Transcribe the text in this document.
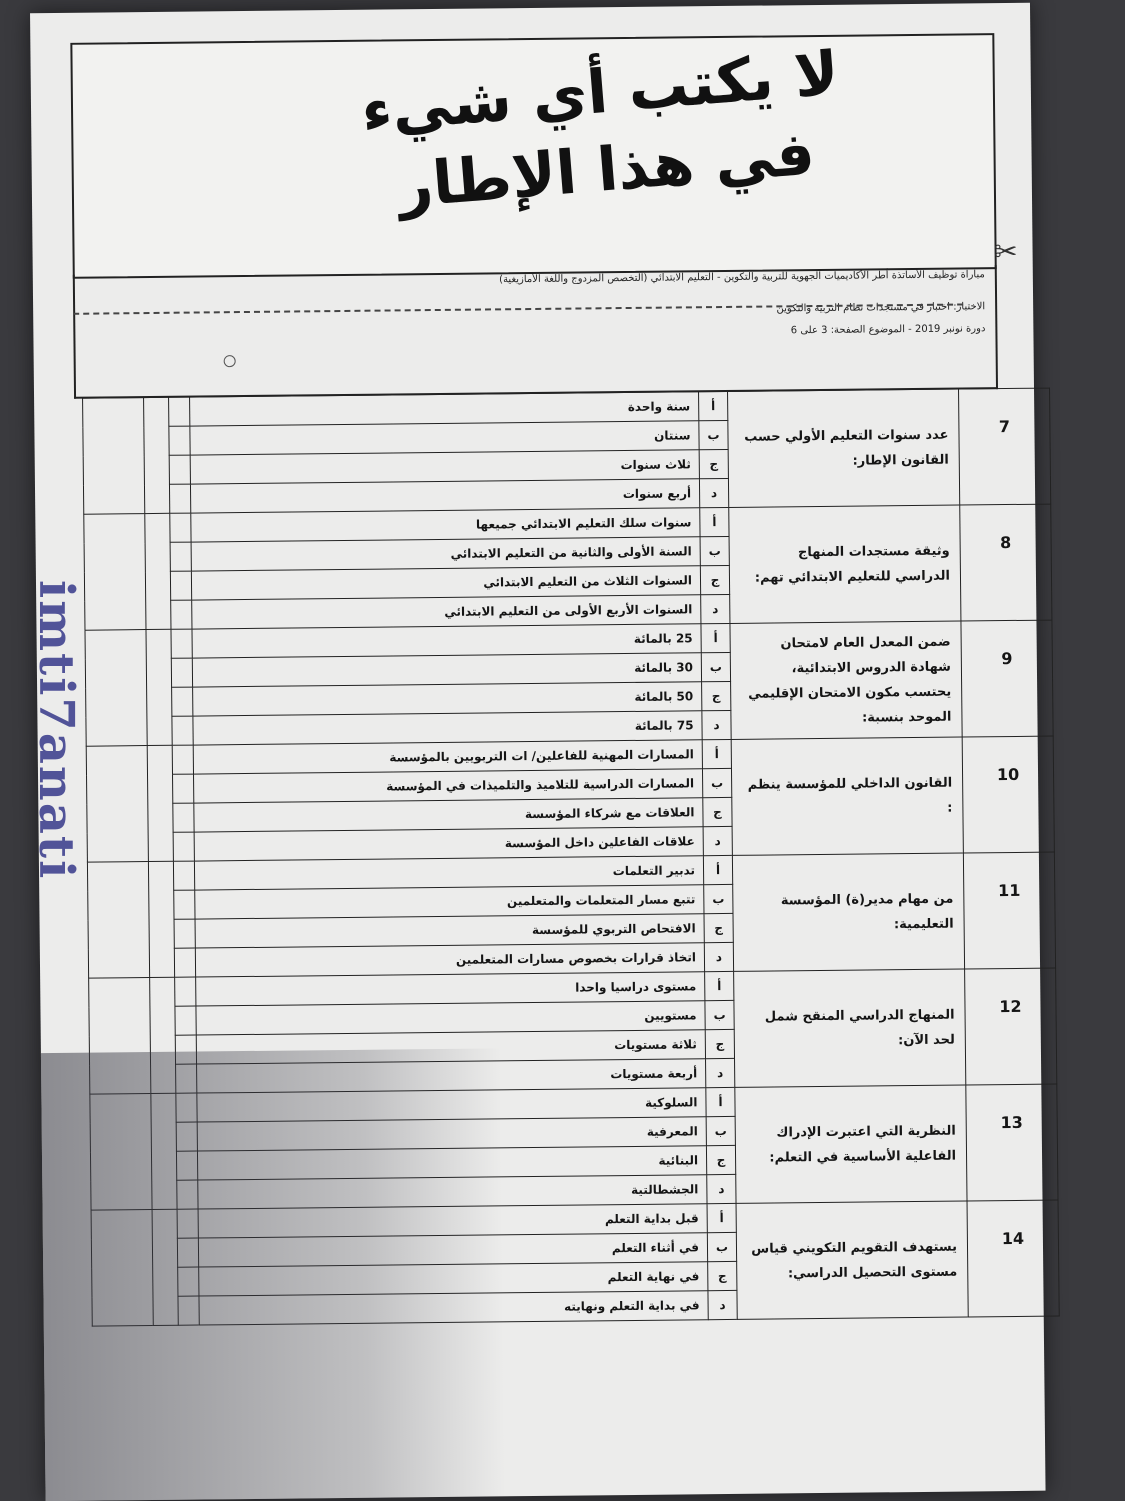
لا يكتب أي شيء
في هذا الإطار
✂
مباراة توظيف الأساتذة أطر الأكاديميات الجهوية للتربية والتكوين - التعليم الابتدائي (التخصص المزدوج واللغة الأمازيغية)
الاختبار: اختبار في مستجدات نظام التربية والتكوين
دورة نونبر 2019 - الموضوع الصفحة: 3 على 6
7	عدد سنوات التعليم الأولي حسب القانون الإطار:	أ	سنة واحدة			
		ب	سنتان			
		ج	ثلاث سنوات			
		د	أربع سنوات			

8	وثيقة مستجدات المنهاج الدراسي للتعليم الابتدائي تهم:	أ	سنوات سلك التعليم الابتدائي جميعها			
		ب	السنة الأولى والثانية من التعليم الابتدائي			
		ج	السنوات الثلاث من التعليم الابتدائي			
		د	السنوات الأربع الأولى من التعليم الابتدائي			

9	ضمن المعدل العام لامتحان شهادة الدروس الابتدائية، يحتسب مكون الامتحان الإقليمي الموحد بنسبة:	أ	25 بالمائة			
		ب	30 بالمائة			
		ج	50 بالمائة			
		د	75 بالمائة			

10	القانون الداخلي للمؤسسة ينظم :	أ	المسارات المهنية للفاعلين/ ات التربويين بالمؤسسة			
		ب	المسارات الدراسية للتلاميذ والتلميذات في المؤسسة			
		ج	العلاقات مع شركاء المؤسسة			
		د	علاقات الفاعلين داخل المؤسسة			

11	من مهام مدير(ة) المؤسسة التعليمية:	أ	تدبير التعلمات			
		ب	تتبع مسار المتعلمات والمتعلمين			
		ج	الافتحاص التربوي للمؤسسة			
		د	اتخاذ قرارات بخصوص مسارات المتعلمين			

12	المنهاج الدراسي المنقح شمل لحد الآن:	أ	مستوى دراسيا واحدا			
		ب	مستويين			
		ج	ثلاثة مستويات			
		د	أربعة مستويات			

13	النظرية التي اعتبرت الإدراك الفاعلية الأساسية في التعلم:	أ	السلوكية			
		ب	المعرفية			
		ج	البنائية			
		د	الجشطالتية			

14	يستهدف التقويم التكويني قياس مستوى التحصيل الدراسي:	أ	قبل بداية التعلم			
		ب	في أثناء التعلم			
		ج	في نهاية التعلم			
		د	في بداية التعلم ونهايته			
imti7anati
